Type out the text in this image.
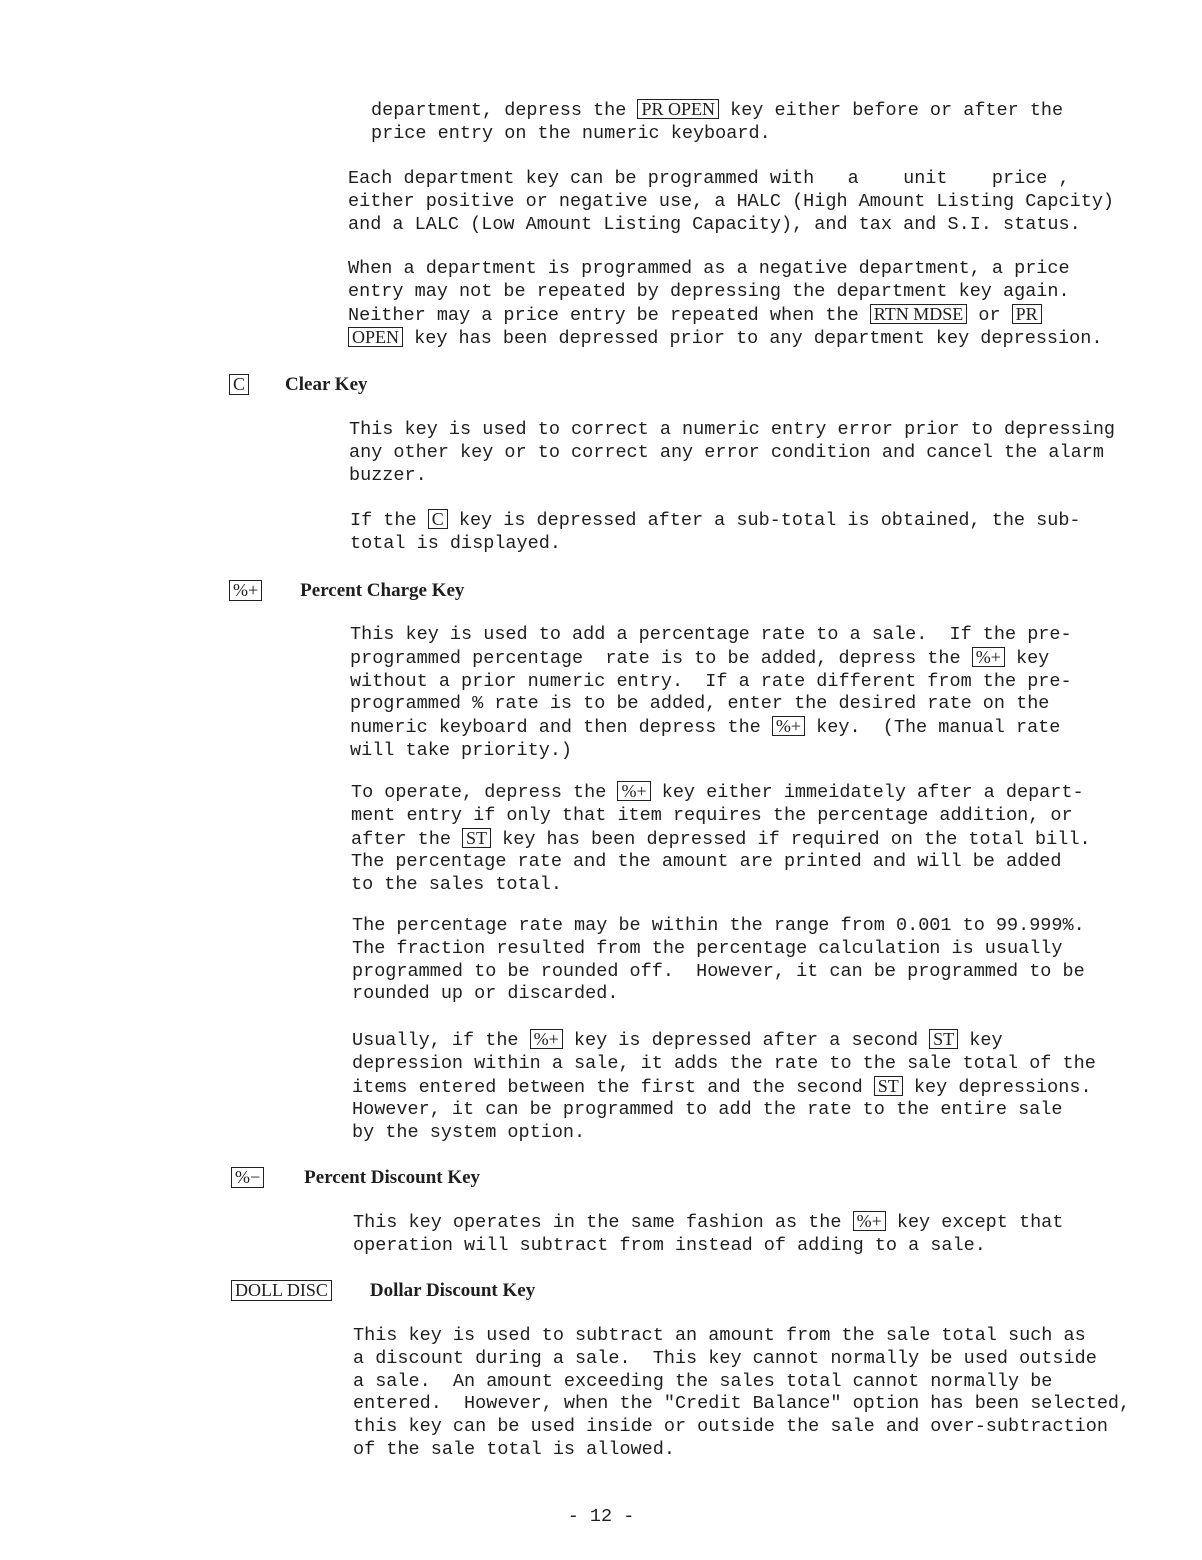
department, depress the PR OPEN key either before or after the
price entry on the numeric keyboard.
Each department key can be programmed with   a    unit    price ,
either positive or negative use, a HALC (High Amount Listing Capcity)
and a LALC (Low Amount Listing Capacity), and tax and S.I. status.
When a department is programmed as a negative department, a price
entry may not be repeated by depressing the department key again.
Neither may a price entry be repeated when the RTN MDSE or PR
OPEN key has been depressed prior to any department key depression.
C Clear Key
This key is used to correct a numeric entry error prior to depressing
any other key or to correct any error condition and cancel the alarm
buzzer.
If the C key is depressed after a sub-total is obtained, the sub-
total is displayed.
%+ Percent Charge Key
This key is used to add a percentage rate to a sale.  If the pre-
programmed percentage  rate is to be added, depress the %+ key
without a prior numeric entry.  If a rate different from the pre-
programmed % rate is to be added, enter the desired rate on the
numeric keyboard and then depress the %+ key.  (The manual rate
will take priority.)
To operate, depress the %+ key either immeidately after a depart-
ment entry if only that item requires the percentage addition, or
after the ST key has been depressed if required on the total bill.
The percentage rate and the amount are printed and will be added
to the sales total.
The percentage rate may be within the range from 0.001 to 99.999%.
The fraction resulted from the percentage calculation is usually
programmed to be rounded off.  However, it can be programmed to be
rounded up or discarded.
Usually, if the %+ key is depressed after a second ST key
depression within a sale, it adds the rate to the sale total of the
items entered between the first and the second ST key depressions.
However, it can be programmed to add the rate to the entire sale
by the system option.
%− Percent Discount Key
This key operates in the same fashion as the %+ key except that
operation will subtract from instead of adding to a sale.
DOLL DISC Dollar Discount Key
This key is used to subtract an amount from the sale total such as
a discount during a sale.  This key cannot normally be used outside
a sale.  An amount exceeding the sales total cannot normally be
entered.  However, when the "Credit Balance" option has been selected,
this key can be used inside or outside the sale and over-subtraction
of the sale total is allowed.
- 12 -
